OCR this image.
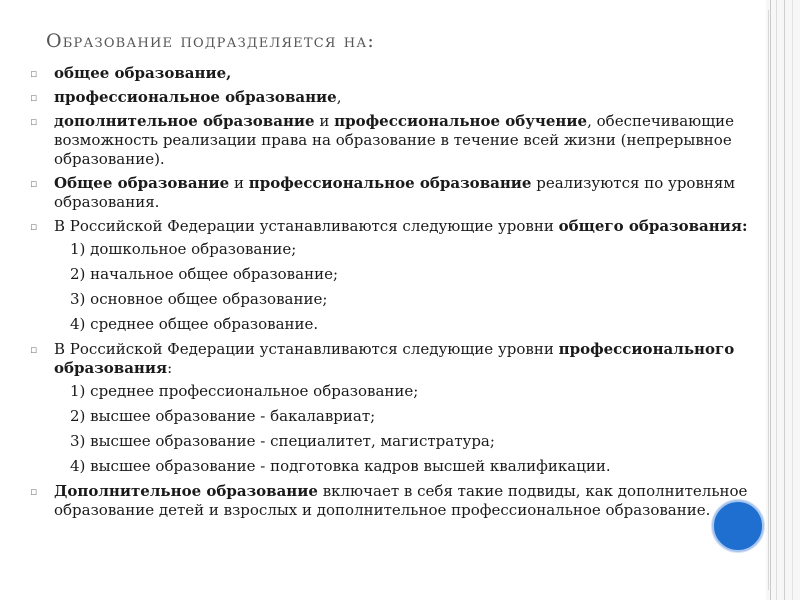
Образование подразделяется на:
▫	общее образование,
▫	профессиональное образование,
▫	дополнительное образование и профессиональное обучение, обеспечивающие возможность реализации права на образование в течение всей жизни (непрерывное образование).
▫	Общее образование и профессиональное образование реализуются по уровням образования.
▫	В Российской Федерации устанавливаются следующие уровни общего образования:
1) дошкольное образование;
2) начальное общее образование;
3) основное общее образование;
4) среднее общее образование.
▫	В Российской Федерации устанавливаются следующие уровни профессионального образования:
1) среднее профессиональное образование;
2) высшее образование - бакалавриат;
3) высшее образование - специалитет, магистратура;
4) высшее образование - подготовка кадров высшей квалификации.
▫	Дополнительное образование включает в себя такие подвиды, как дополнительное образование детей и взрослых и дополнительное профессиональное образование.
